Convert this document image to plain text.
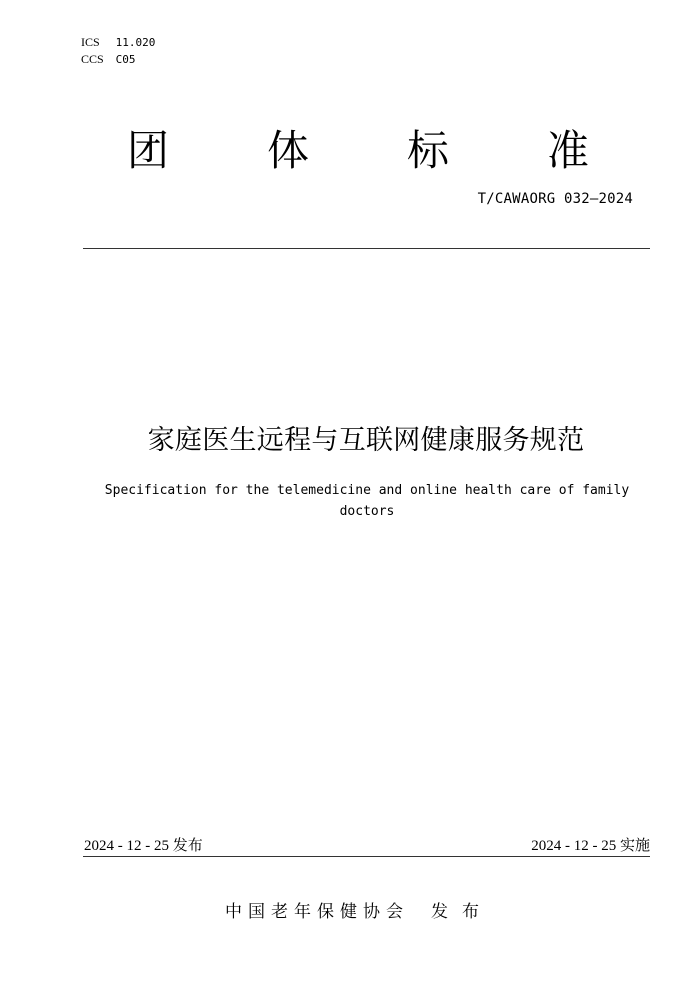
ICS 11.020
CCS C05
团 体 标 准
T/CAWAORG 032—2024
家庭医生远程与互联网健康服务规范
Specification for the telemedicine and online health care of family
doctors
2024 - 12 - 25 发布	2024 - 12 - 25 实施
中国老年保健协会 发布
